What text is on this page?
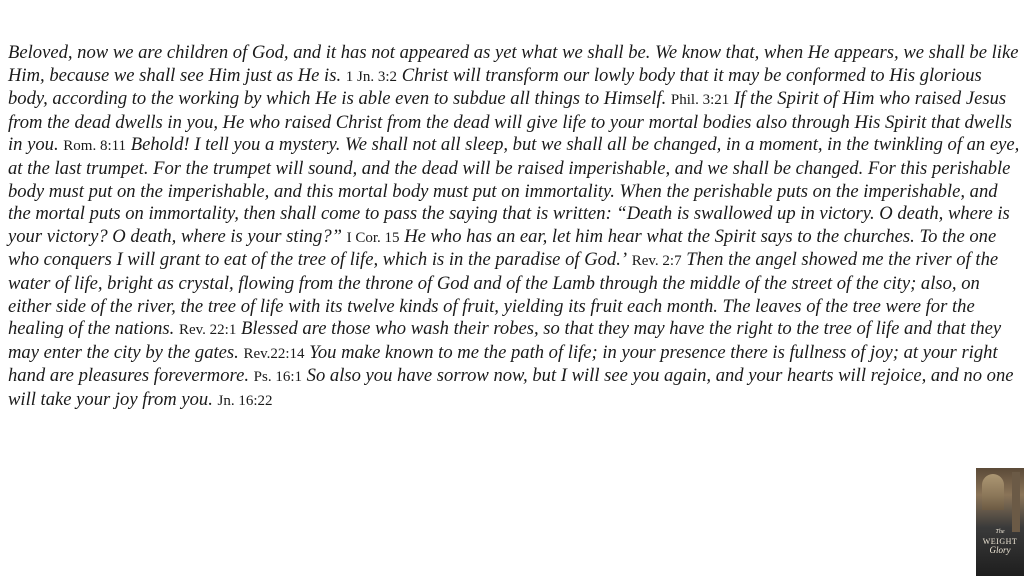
Beloved, now we are children of God, and it has not appeared as yet what we shall be. We know that, when He appears, we shall be like Him, because we shall see Him just as He is. 1 Jn. 3:2 Christ will transform our lowly body that it may be conformed to His glorious body, according to the working by which He is able even to subdue all things to Himself. Phil. 3:21 If the Spirit of Him who raised Jesus from the dead dwells in you, He who raised Christ from the dead will give life to your mortal bodies also through His Spirit that dwells in you. Rom. 8:11 Behold! I tell you a mystery. We shall not all sleep, but we shall all be changed, in a moment, in the twinkling of an eye, at the last trumpet. For the trumpet will sound, and the dead will be raised imperishable, and we shall be changed. For this perishable body must put on the imperishable, and this mortal body must put on immortality. When the perishable puts on the imperishable, and the mortal puts on immortality, then shall come to pass the saying that is written: “Death is swallowed up in victory. O death, where is your victory? O death, where is your sting?” I Cor. 15 He who has an ear, let him hear what the Spirit says to the churches. To the one who conquers I will grant to eat of the tree of life, which is in the paradise of God.’ Rev. 2:7 Then the angel showed me the river of the water of life, bright as crystal, flowing from the throne of God and of the Lamb through the middle of the street of the city; also, on either side of the river, the tree of life with its twelve kinds of fruit, yielding its fruit each month. The leaves of the tree were for the healing of the nations. Rev. 22:1 Blessed are those who wash their robes, so that they may have the right to the tree of life and that they may enter the city by the gates. Rev.22:14 You make known to me the path of life; in your presence there is fullness of joy; at your right hand are pleasures forevermore. Ps. 16:1 So also you have sorrow now, but I will see you again, and your hearts will rejoice, and no one will take your joy from you. Jn. 16:22
The
WEIGHT
Glory
